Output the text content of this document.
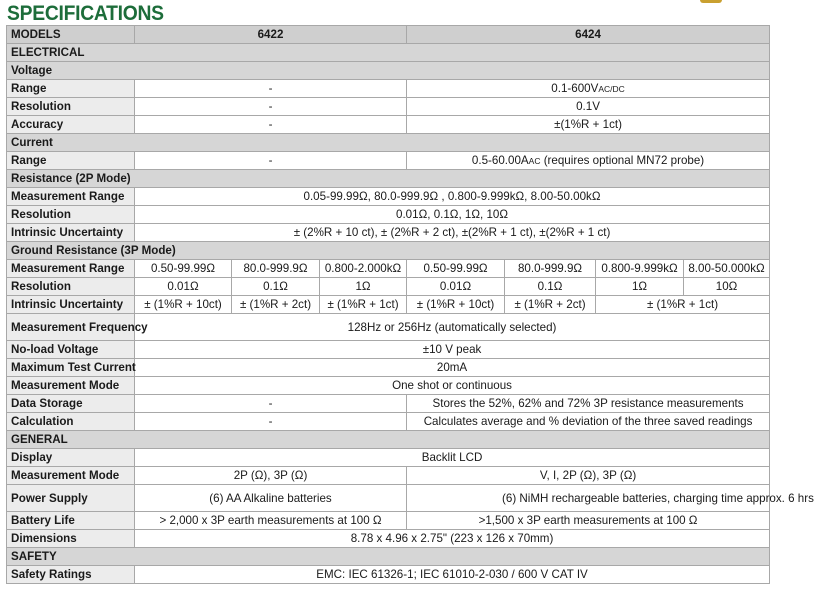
SPECIFICATIONS
MODELS	6422			6424			
ELECTRICAL							
Voltage							
Range	-			0.1-600VAC/DC			
Resolution	-			0.1V			
Accuracy	-			±(1%R + 1ct)			
Current							
Range	-			0.5-60.00AAC (requires optional MN72 probe)			
Resistance (2P Mode)							
Measurement Range	0.05-99.99Ω, 80.0-999.9Ω , 0.800-9.999kΩ, 8.00-50.00kΩ						
Resolution	0.01Ω, 0.1Ω, 1Ω, 10Ω						
Intrinsic Uncertainty	± (2%R + 10 ct), ± (2%R + 2 ct), ±(2%R + 1 ct), ±(2%R + 1 ct)						
Ground Resistance (3P Mode)							
Measurement Range	0.50-99.99Ω	80.0-999.9Ω	0.800-2.000kΩ	0.50-99.99Ω	80.0-999.9Ω	0.800-9.999kΩ	8.00-50.000kΩ
Resolution	0.01Ω	0.1Ω	1Ω	0.01Ω	0.1Ω	1Ω	10Ω
Intrinsic Uncertainty	± (1%R + 10ct)	± (1%R + 2ct)	± (1%R + 1ct)	± (1%R + 10ct)	± (1%R + 2ct)	± (1%R + 1ct)	
Measurement Frequency	128Hz or 256Hz (automatically selected)						
No-load Voltage	±10 V peak						
Maximum Test Current	20mA						
Measurement Mode	One shot or continuous						
Data Storage	-			Stores the 52%, 62% and 72% 3P resistance measurements			
Calculation	-			Calculates average and % deviation of the three saved readings			
GENERAL							
Display	Backlit LCD						
Measurement Mode	2P (Ω), 3P (Ω)			V, I, 2P (Ω), 3P (Ω)			
Power Supply	(6) AA Alkaline batteries			(6) NiMH rechargeable batteries, charging time approx. 6 hrs			
Battery Life	> 2,000 x 3P earth measurements at 100 Ω			>1,500 x 3P earth measurements at 100 Ω			
Dimensions	8.78 x 4.96 x 2.75" (223 x 126 x 70mm)						
SAFETY							
Safety Ratings	EMC: IEC 61326-1; IEC 61010-2-030 / 600 V CAT IV						
